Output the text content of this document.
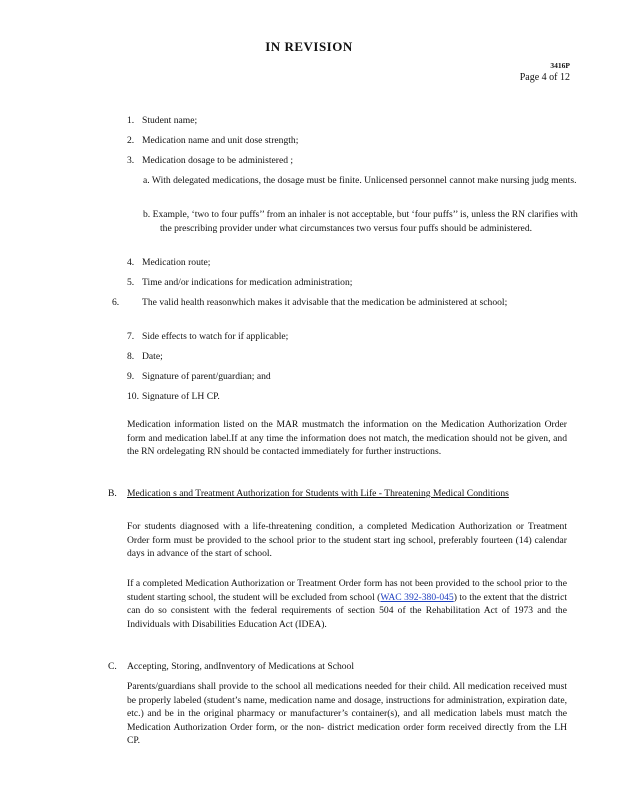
IN REVISION
3416P
Page 4 of 12
1. Student name;
2. Medication name and unit dose strength;
3. Medication dosage to be administered ;
a. With delegated medications, the dosage must be finite. Unlicensed personnel cannot make nursing judg ments.
b. Example, ‘two to four puffs’’ from an inhaler is not acceptable, but ‘four puffs’’ is, unless the RN clarifies with the prescribing provider under what circumstances two versus four puffs should be administered.
4. Medication route;
5. Time and/or indications for medication administration;
6. The valid health reasonwhich makes it advisable that the medication be administered at school;
7. Side effects to watch for if applicable;
8. Date;
9. Signature of parent/guardian; and
10. Signature of LH CP.
Medication information listed on the MAR mustmatch the information on the Medication Authorization Order form and medication label.If at any time the information does not match, the medication should not be given, and the RN ordelegating RN should be contacted immediately for further instructions.
B. Medication s and Treatment Authorization for Students with Life - Threatening Medical Conditions
For students diagnosed with a life-threatening condition, a completed Medication Authorization or Treatment Order form must be provided to the school prior to the student start ing school, preferably fourteen (14) calendar days in advance of the start of school.
If a completed Medication Authorization or Treatment Order form has not been provided to the school prior to the student starting school, the student will be excluded from school (WAC 392-380-045) to the extent that the district can do so consistent with the federal requirements of section 504 of the Rehabilitation Act of 1973 and the Individuals with Disabilities Education Act (IDEA).
C. Accepting, Storing, andInventory of Medications at School
Parents/guardians shall provide to the school all medications needed for their child. All medication received must be properly labeled (student’s name, medication name and dosage, instructions for administration, expiration date, etc.) and be in the original pharmacy or manufacturer’s container(s), and all medication labels must match the Medication Authorization Order form, or the non- district medication order form received directly from the LH CP.
